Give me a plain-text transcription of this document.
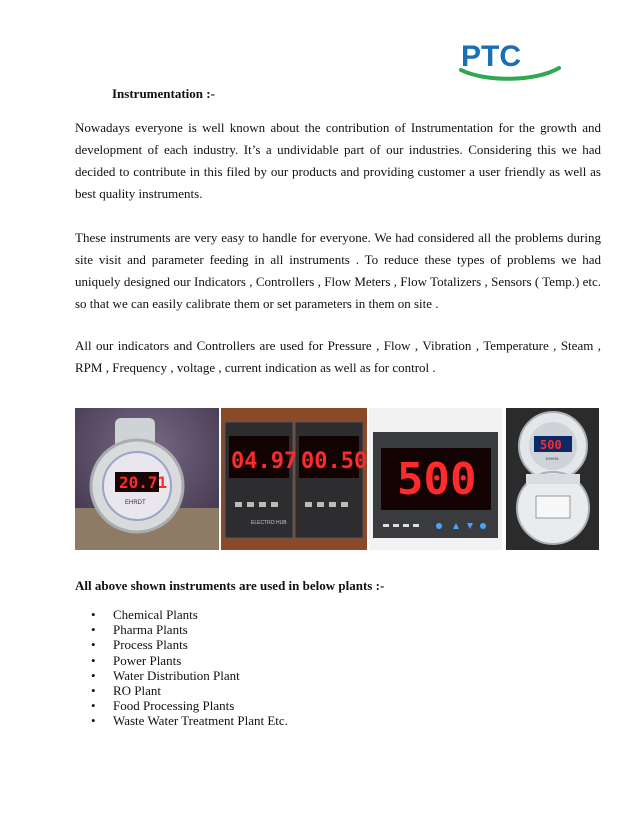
PTC
Instrumentation :-

Nowadays everyone is well known about the contribution of Instrumentation for the growth and development of each industry. It’s a undividable part of our industries. Considering this we had decided to contribute in this filed by our products and providing customer a user friendly as well as best quality instruments.

These instruments are very easy to handle for everyone. We had considered all the problems during site visit and parameter feeding in all instruments . To reduce these types of problems we had uniquely designed our Indicators , Controllers , Flow Meters , Flow Totalizers , Sensors ( Temp.) etc. so that we can easily calibrate them or set parameters in them on site .

All our indicators and Controllers are used for Pressure , Flow , Vibration , Temperature , Steam , RPM , Frequency , voltage , current indication as well as for control .

20.71
EHRDT
04.97 00.50
ELECTRO HUB
500
500
EHH91
All above shown instruments are used in below plants :-
• Chemical Plants
• Pharma Plants
• Process Plants
• Power Plants
• Water Distribution Plant
• RO Plant
• Food Processing Plants
• Waste Water Treatment Plant Etc.
